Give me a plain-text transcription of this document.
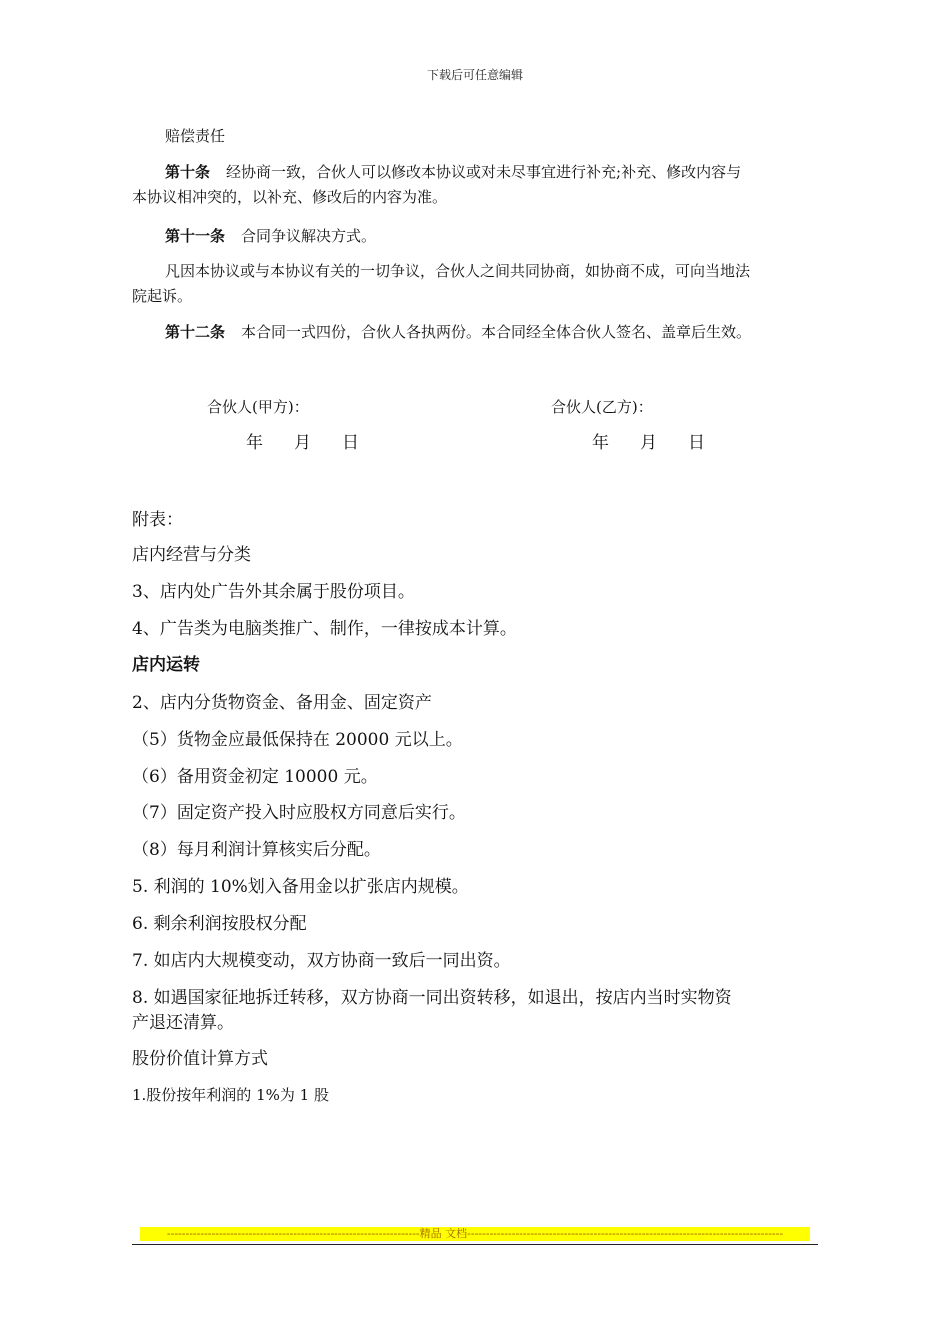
下载后可任意编辑
赔偿责任
第十条 经协商一致，合伙人可以修改本协议或对未尽事宜进行补充;补充、修改内容与
本协议相冲突的，以补充、修改后的内容为准。
第十一条 合同争议解决方式。
凡因本协议或与本协议有关的一切争议，合伙人之间共同协商，如协商不成，可向当地法
院起诉。
第十二条 本合同一式四份，合伙人各执两份。本合同经全体合伙人签名、盖章后生效。
合伙人(甲方)：	合伙人(乙方)：
年 月 日	年 月 日
附表：
店内经营与分类
3、店内处广告外其余属于股份项目。
4、广告类为电脑类推广、制作，一律按成本计算。
店内运转
2、店内分货物资金、备用金、固定资产
（5）货物金应最低保持在 20000 元以上。
（6）备用资金初定 10000 元。
（7）固定资产投入时应股权方同意后实行。
（8）每月利润计算核实后分配。
5. 利润的 10%划入备用金以扩张店内规模。
6. 剩余利润按股权分配
7. 如店内大规模变动，双方协商一致后一同出资。
8. 如遇国家征地拆迁转移，双方协商一同出资转移，如退出，按店内当时实物资
产退还清算。
股份价值计算方式
1.股份按年利润的 1%为 1 股
--------------------------------------------------------------------精品 文档-------------------------------------------------------------------------------------
